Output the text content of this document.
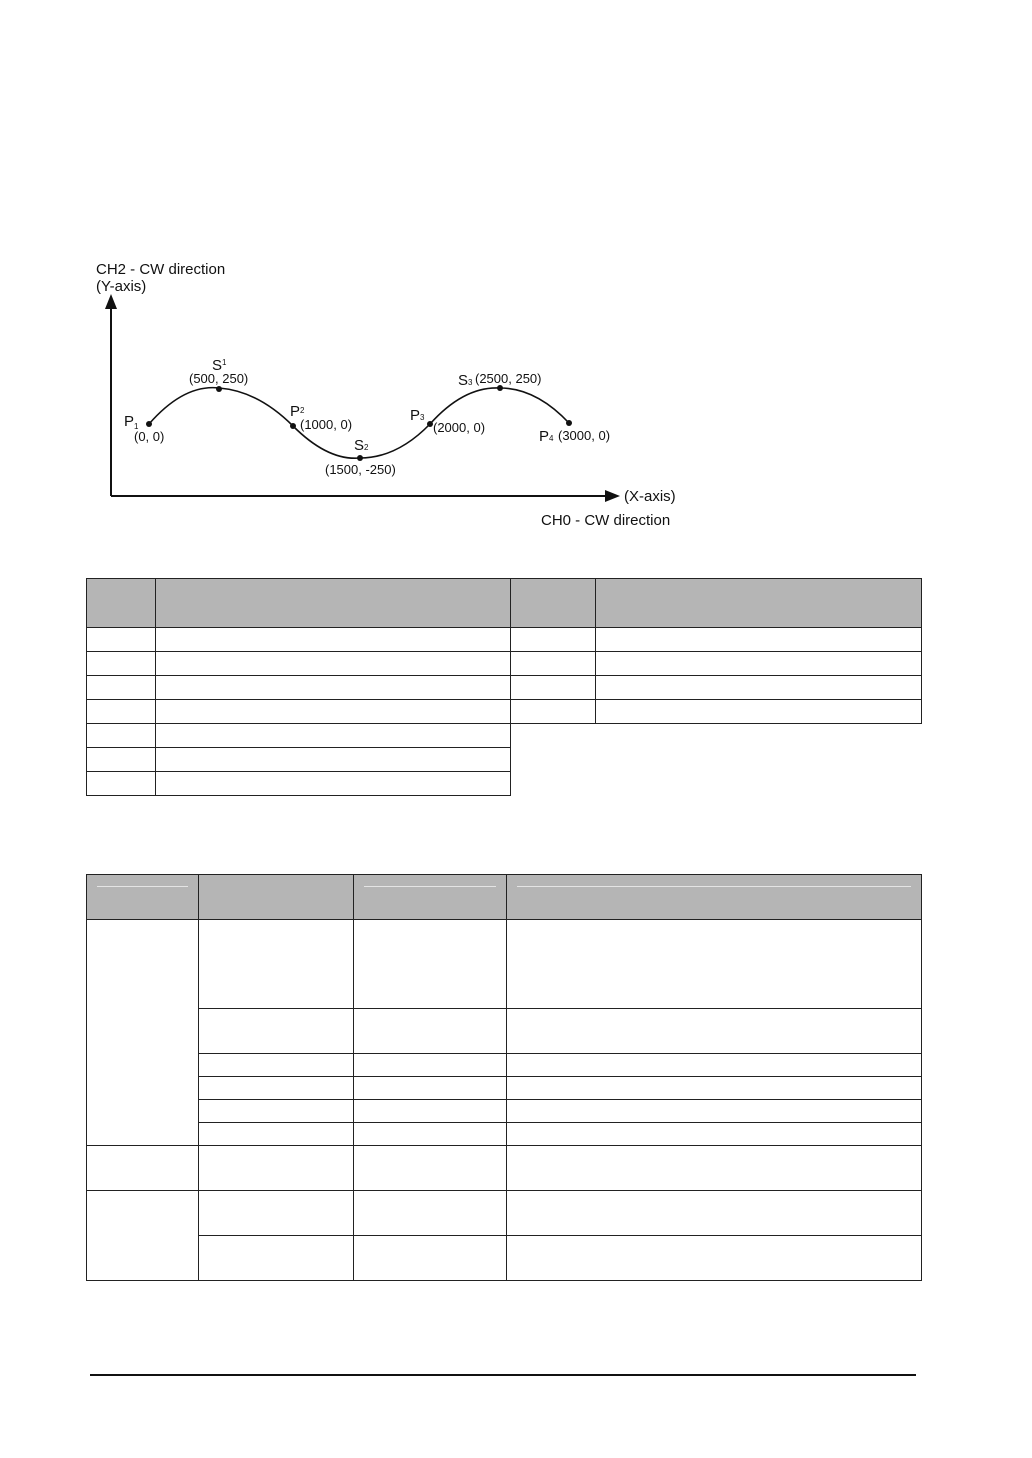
CH2 - CW direction
(Y-axis)
(X-axis)
CH0 - CW direction
$P_1$
(0, 0)
$S^1$
(500, 250)
$P^2$
(1000, 0)
S2
(1500, -250)
P3
(2000, 0)
S3 (2500, 250)
P4 (3000, 0)
